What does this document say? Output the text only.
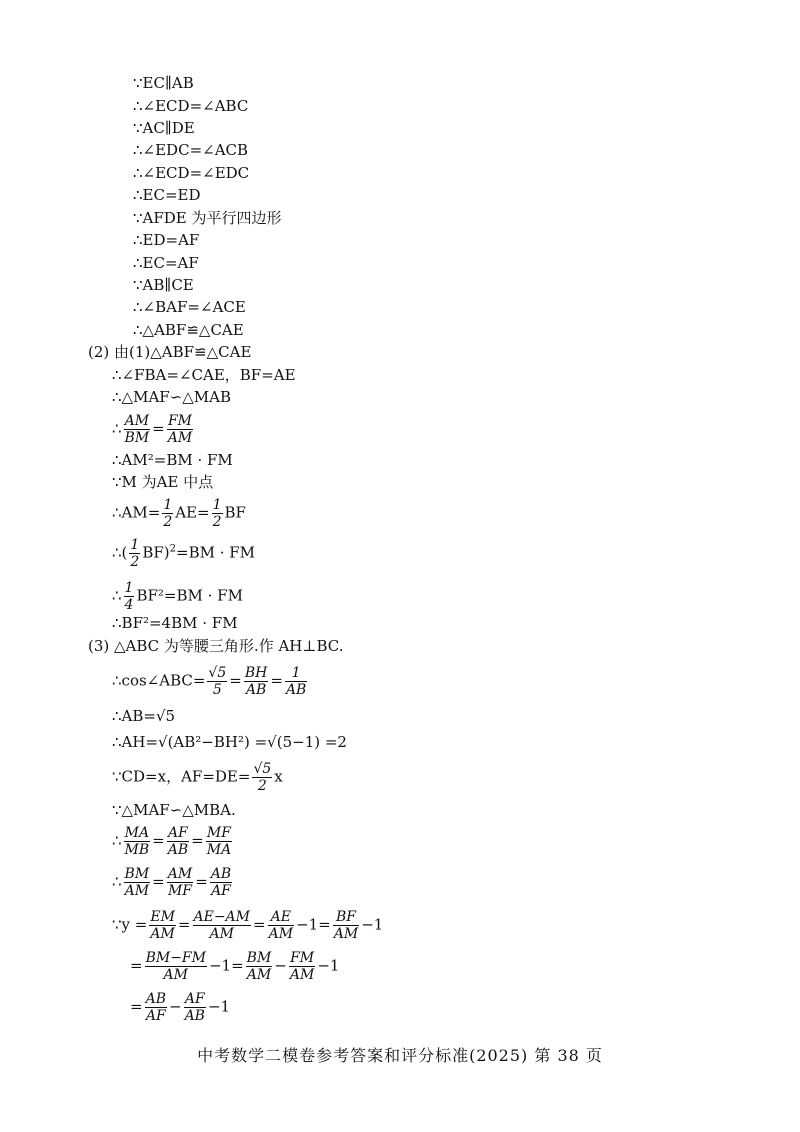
∵EC∥AB
∴∠ECD=∠ABC
∵AC∥DE
∴∠EDC=∠ACB
∴∠ECD=∠EDC
∴EC=ED
∵AFDE 为平行四边形
∴ED=AF
∴EC=AF
∵AB∥CE
∴∠BAF=∠ACE
∴△ABF≌△CAE
(2) 由(1)△ABF≌△CAE
∴∠FBA=∠CAE，BF=AE
∴△MAF∽△MAB
∴ $\frac{AM}{BM} = \frac{FM}{AM}$
∴AM²=BM · FM
∵M 为AE 中点
∴AM= $\frac{1}{2} AE= \frac{1}{2}$ BF
∴( $\frac{1}{2} BF)^2=BM$ · FM
∴ $\frac{1}{4} BF^2=BM$ · FM
∴BF²=4BM · FM
(3) △ABC 为等腰三角形.作 AH⊥BC.
∴cos∠ABC= $\frac{√5}{5} = \frac{BH}{AB} = \frac{1}{AB}$
∴AB=√5
∴AH=√(AB²−BH²) =√(5−1) =2
∵CD=x，$AF=DE= \frac{√5}{2}$ x
∵△MAF∽△MBA.
∴ $\frac{MA}{MB} = \frac{AF}{AB} = \frac{MF}{MA}$
∴ $\frac{BM}{AM} = \frac{AM}{MF} = \frac{AB}{AF}$
∵y = $\frac{EM}{AM} = \frac{AE-AM}{AM} = \frac{AE}{AM} -1= \frac{BF}{AM} -1$
= $\frac{BM-FM}{AM} -1= \frac{BM}{AM} - \frac{FM}{AM} -1$
= $\frac{AB}{AF} - \frac{AF}{AB} -1$
中考数学二模卷参考答案和评分标准(2025) 第 38 页
